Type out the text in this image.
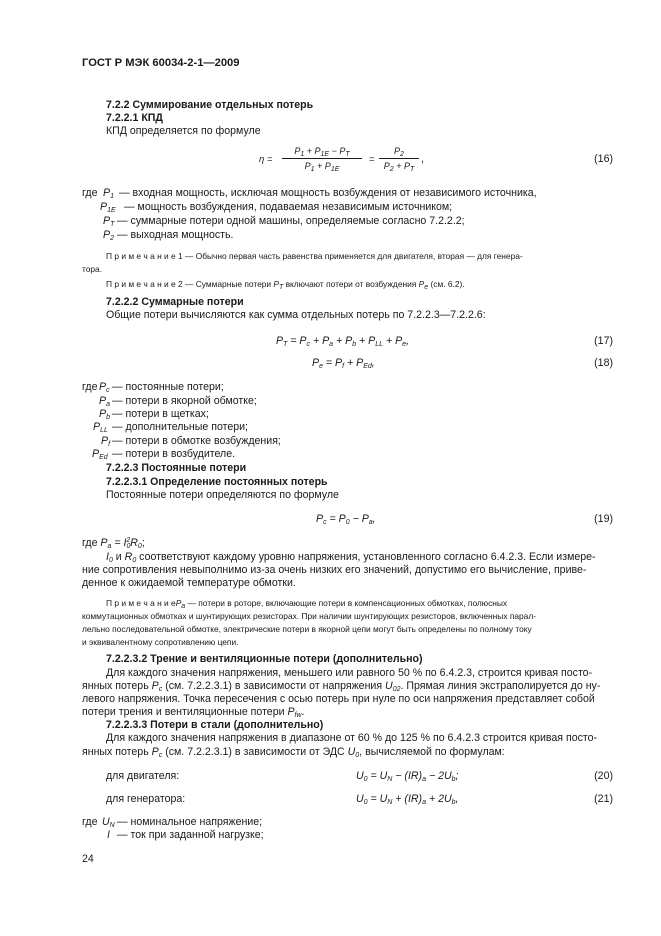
ГОСТ Р МЭК 60034-2-1—2009
7.2.2 Суммирование отдельных потерь
7.2.2.1 КПД
КПД определяется по формуле
η =
$P_1 + P_{1E} - P_T$
$P_1 + P_{1E}$
=
$P_2$
$P_2 + P_T$
,	(16)
где $P_1$ — входная мощность, исключая мощность возбуждения от независимого источника,
$P_{1E}$ — мощность возбуждения, подаваемая независимым источником;
$P_T$ — суммарные потери одной машины, определяемые согласно 7.2.2.2;
$P_2$ — выходная мощность.
П р и м е ч а н и е 1 — Обычно первая часть равенства применяется для двигателя, вторая — для генера-
тора.
П р и м е ч а н и е 2 — Суммарные потери $P_T$ включают потери от возбуждения $P_e$ (см. 6.2).
7.2.2.2 Суммарные потери
Общие потери вычисляются как сумма отдельных потерь по 7.2.2.3—7.2.2.6:
$P_T = P_c + P_a + P_b + P_{LL} + P_e$,	(17)
$P_e = P_f + P_{Ed}$,	(18)
где $P_c$ — постоянные потери;
$P_a$ — потери в якорной обмотке;
$P_b$ — потери в щетках;
$P_{LL}$ — дополнительные потери;
$P_f$ — потери в обмотке возбуждения;
$P_{Ed}$ — потери в возбудителе.
7.2.2.3 Постоянные потери
7.2.2.3.1 Определение постоянных потерь
Постоянные потери определяются по формуле
$P_c = P_0 - P_a$,	(19)
где $P_a = I_0^2R_0$;
$I_0$ и $R_0$ соответствуют каждому уровню напряжения, установленного согласно 6.4.2.3. Если измере-
ние сопротивления невыполнимо из-за очень низких его значений, допустимо его вычисление, приве-
денное к ожидаемой температуре обмотки.
П р и м е ч а н и $еP_a$ — потери в роторе, включающие потери в компенсационных обмотках, полюсных
коммутационных обмотках и шунтирующих резисторах. При наличии шунтирующих резисторов, включенных парал-
лельно последовательной обмотке, электрические потери в якорной цепи могут быть определены по полному току
и эквивалентному сопротивлению цепи.
7.2.2.3.2 Трение и вентиляционные потери (дополнительно)
Для каждого значения напряжения, меньшего или равного 50 % по 6.4.2.3, строится кривая посто-
янных потерь $P_c$ (см. 7.2.2.3.1) в зависимости от напряжения $U_{02}$. Прямая линия экстраполируется до ну-
левого напряжения. Точка пересечения с осью потерь при нуле по оси напряжения представляет собой
потери трения и вентиляционные потери $P_{fw}$.
7.2.2.3.3 Потери в стали (дополнительно)
Для каждого значения напряжения в диапазоне от 60 % до 125 % по 6.4.2.3 строится кривая посто-
янных потерь $P_c$ (см. 7.2.2.3.1) в зависимости от ЭДС $U_0$, вычисляемой по формулам:
для двигателя:	$U_0 = U_N - (IR)_a - 2U_b$;	(20)
для генератора:	$U_0 = U_N + (IR)_a + 2U_b$,	(21)
где $U_N$ — номинальное напряжение;
I — ток при заданной нагрузке;
24
